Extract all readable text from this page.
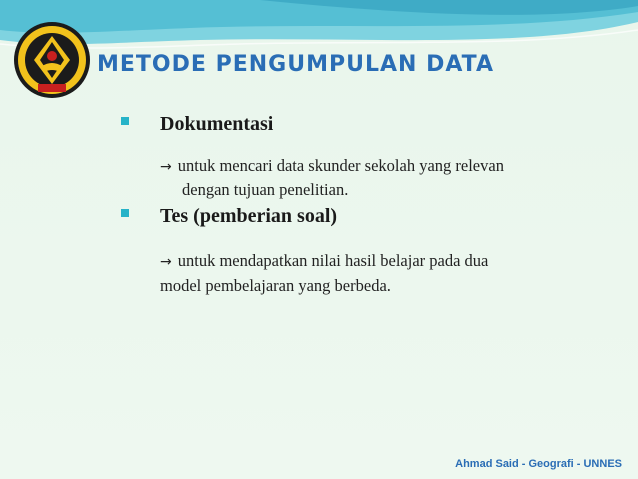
METODE PENGUMPULAN DATA
Dokumentasi
→ untuk mencari data skunder sekolah yang relevan
dengan tujuan penelitian.
Tes (pemberian soal)
→ untuk mendapatkan nilai hasil belajar pada dua
model pembelajaran yang berbeda.
Ahmad Said - Geografi - UNNES
